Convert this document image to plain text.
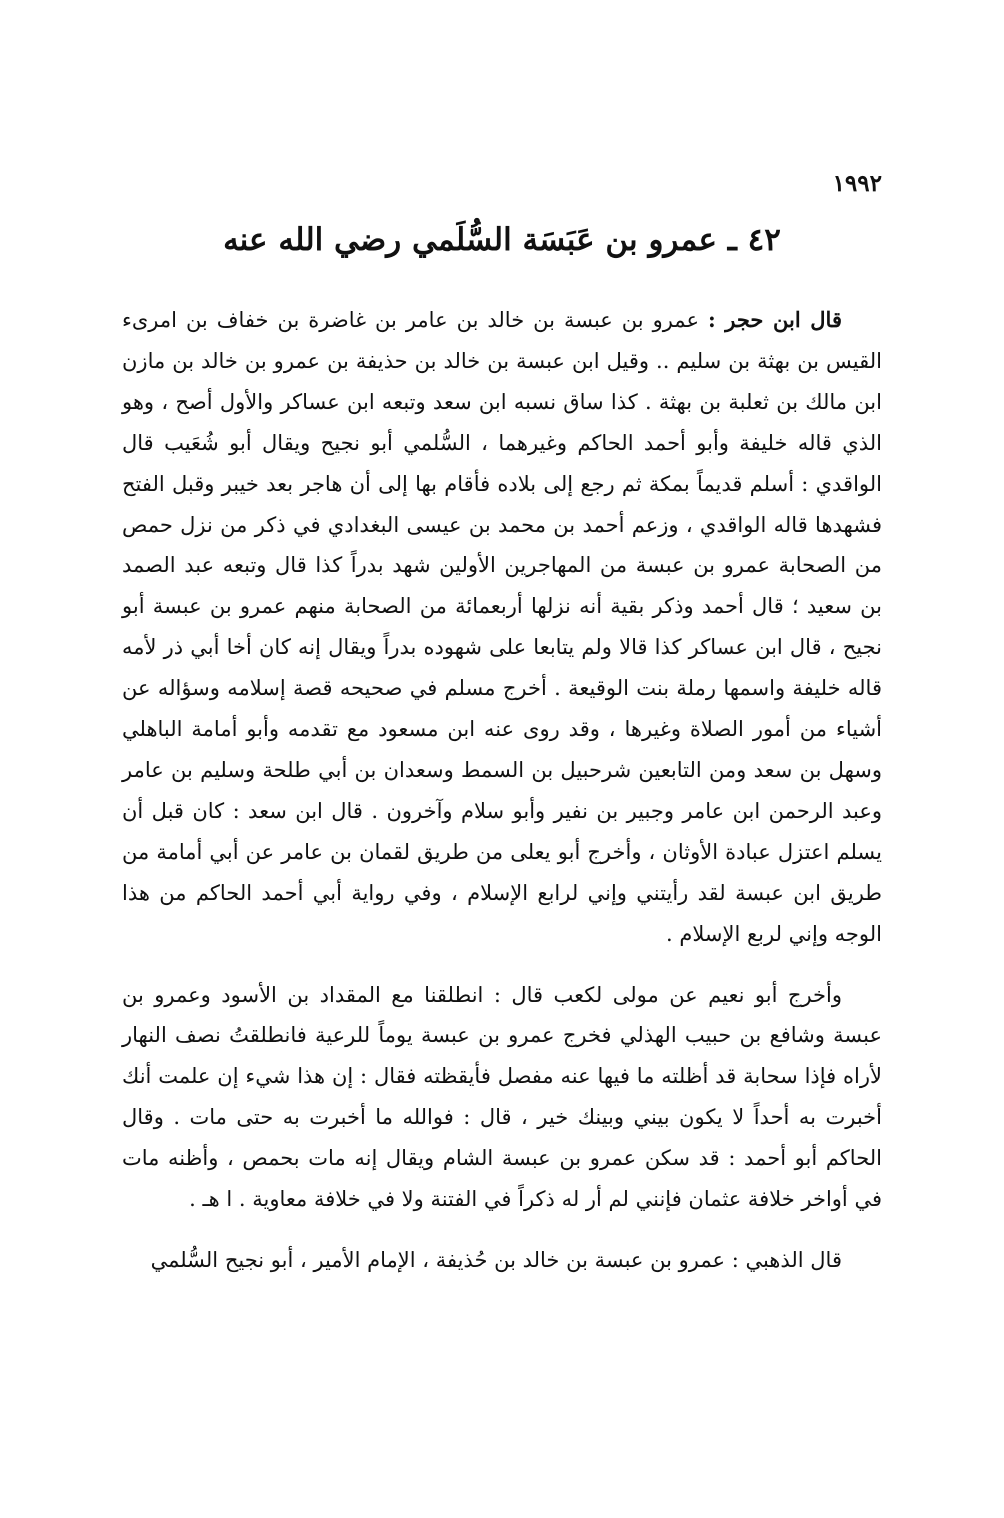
١٩٩٢
٤٢ ـ عمرو بن عَبَسَة السُّلَمي رضي الله عنه

قال ابن حجر : عمرو بن عبسة بن خالد بن عامر بن غاضرة بن خفاف بن امرىء القيس بن بهثة بن سليم .. وقيل ابن عبسة بن خالد بن حذيفة بن عمرو بن خالد بن مازن ابن مالك بن ثعلبة بن بهثة . كذا ساق نسبه ابن سعد وتبعه ابن عساكر والأول أصح ، وهو الذي قاله خليفة وأبو أحمد الحاكم وغيرهما ، السُّلمي أبو نجيح ويقال أبو شُعَيب قال الواقدي : أسلم قديماً بمكة ثم رجع إلى بلاده فأقام بها إلى أن هاجر بعد خيبر وقبل الفتح فشهدها قاله الواقدي ، وزعم أحمد بن محمد بن عيسى البغدادي في ذكر من نزل حمص من الصحابة عمرو بن عبسة من المهاجرين الأولين شهد بدراً كذا قال وتبعه عبد الصمد بن سعيد ؛ قال أحمد وذكر بقية أنه نزلها أربعمائة من الصحابة منهم عمرو بن عبسة أبو نجيح ، قال ابن عساكر كذا قالا ولم يتابعا على شهوده بدراً ويقال إنه كان أخا أبي ذر لأمه قاله خليفة واسمها رملة بنت الوقيعة . أخرج مسلم في صحيحه قصة إسلامه وسؤاله عن أشياء من أمور الصلاة وغيرها ، وقد روى عنه ابن مسعود مع تقدمه وأبو أمامة الباهلي وسهل بن سعد ومن التابعين شرحبيل بن السمط وسعدان بن أبي طلحة وسليم بن عامر وعبد الرحمن ابن عامر وجبير بن نفير وأبو سلام وآخرون . قال ابن سعد : كان قبل أن يسلم اعتزل عبادة الأوثان ، وأخرج أبو يعلى من طريق لقمان بن عامر عن أبي أمامة من طريق ابن عبسة لقد رأيتني وإني لرابع الإسلام ، وفي رواية أبي أحمد الحاكم من هذا الوجه وإني لربع الإسلام .

وأخرج أبو نعيم عن مولى لكعب قال : انطلقنا مع المقداد بن الأسود وعمرو بن عبسة وشافع بن حبيب الهذلي فخرج عمرو بن عبسة يوماً للرعية فانطلقتُ نصف النهار لأراه فإذا سحابة قد أظلته ما فيها عنه مفصل فأيقظته فقال : إن هذا شيء إن علمت أنك أخبرت به أحداً لا يكون بيني وبينك خير ، قال : فوالله ما أخبرت به حتى مات . وقال الحاكم أبو أحمد : قد سكن عمرو بن عبسة الشام ويقال إنه مات بحمص ، وأظنه مات في أواخر خلافة عثمان فإنني لم أر له ذكراً في الفتنة ولا في خلافة معاوية . ا هـ .

قال الذهبي : عمرو بن عبسة بن خالد بن حُذيفة ، الإمام الأمير ، أبو نجيح السُّلمي
